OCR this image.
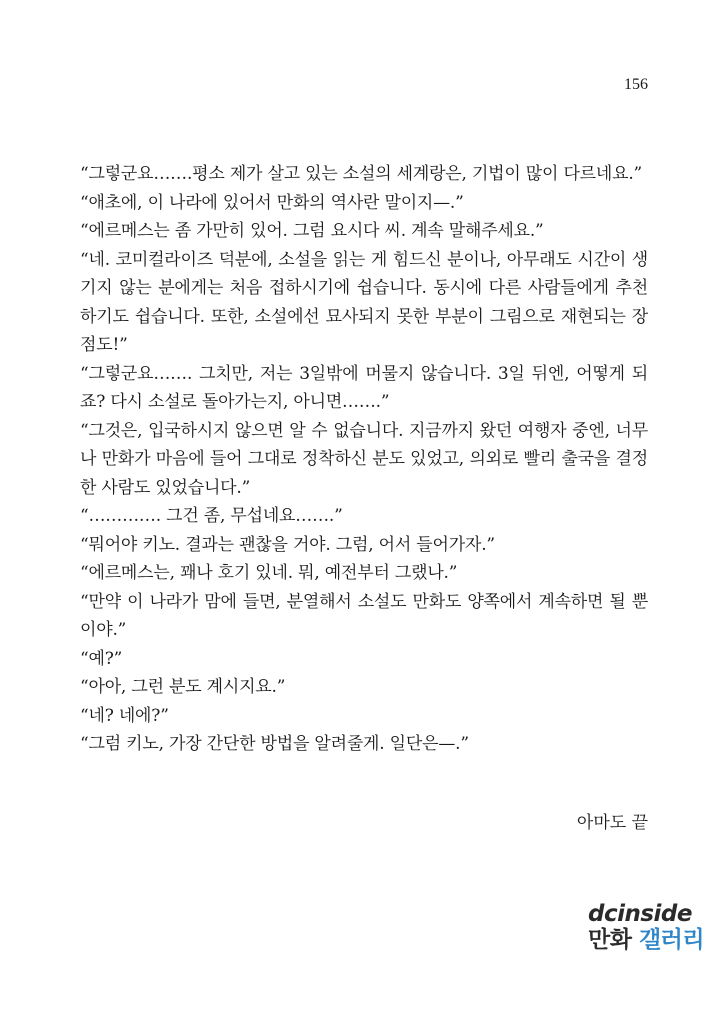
156

“그렇군요…….평소 제가 살고 있는 소설의 세계랑은, 기법이 많이 다르네요.”

“애초에, 이 나라에 있어서 만화의 역사란 말이지—.”

“에르메스는 좀 가만히 있어. 그럼 요시다 씨. 계속 말해주세요.”

“네. 코미컬라이즈 덕분에, 소설을 읽는 게 힘드신 분이나, 아무래도 시간이 생기지 않는 분에게는 처음 접하시기에 쉽습니다. 동시에 다른 사람들에게 추천하기도 쉽습니다. 또한, 소설에선 묘사되지 못한 부분이 그림으로 재현되는 장점도!”

“그렇군요……. 그치만, 저는 3일밖에 머물지 않습니다. 3일 뒤엔, 어떻게 되죠? 다시 소설로 돌아가는지, 아니면…….”

“그것은, 입국하시지 않으면 알 수 없습니다. 지금까지 왔던 여행자 중엔, 너무나 만화가 마음에 들어 그대로 정착하신 분도 있었고, 의외로 빨리 출국을 결정한 사람도 있었습니다.”

“…………. 그건 좀, 무섭네요…….”

“뭐어야 키노. 결과는 괜찮을 거야. 그럼, 어서 들어가자.”

“에르메스는, 꽤나 호기 있네. 뭐, 예전부터 그랬나.”

“만약 이 나라가 맘에 들면, 분열해서 소설도 만화도 양쪽에서 계속하면 될 뿐이야.”

“예?”

“아아, 그런 분도 계시지요.”

“네? 네에?”

“그럼 키노, 가장 간단한 방법을 알려줄게. 일단은—.”

아마도 끝
dcinside
만화 갤러리
